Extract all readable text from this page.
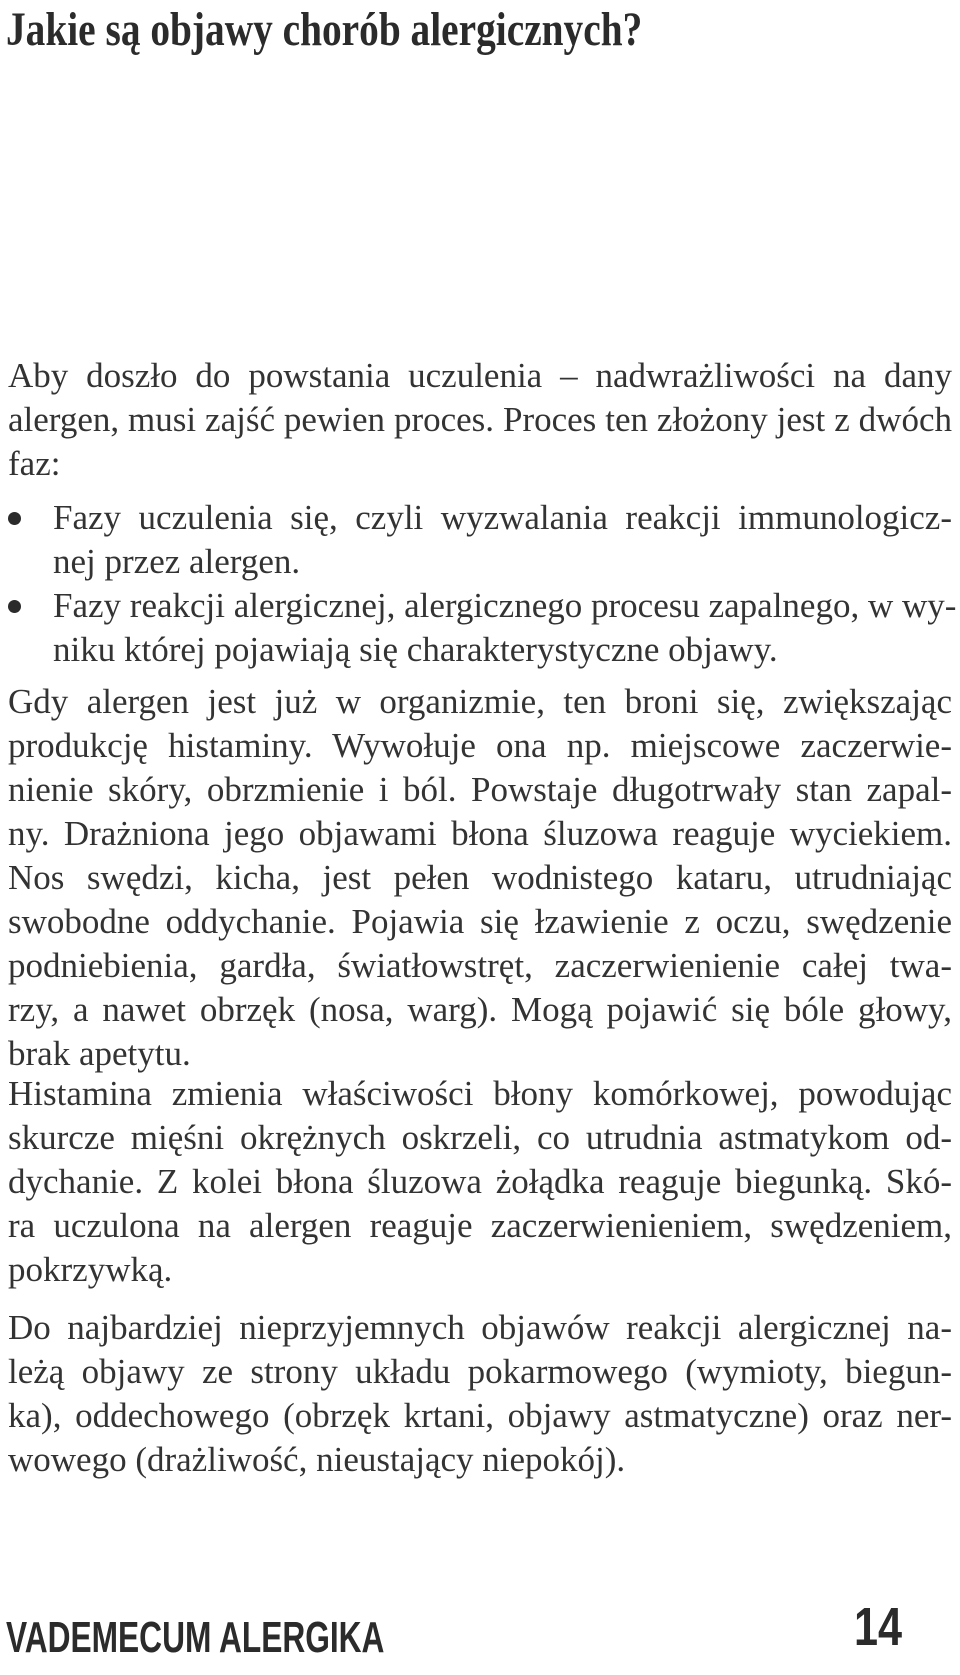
Jakie są objawy chorób alergicznych?
Aby doszło do powstania uczulenia – nadwrażliwości na dany
alergen, musi zajść pewien proces. Proces ten złożony jest z dwóch
faz:
Fazy uczulenia się, czyli wyzwalania reakcji immunologicz-
nej przez alergen.
Fazy reakcji alergicznej, alergicznego procesu zapalnego, w wy-
niku której pojawiają się charakterystyczne objawy.
Gdy alergen jest już w organizmie, ten broni się, zwiększając
produkcję histaminy. Wywołuje ona np. miejscowe zaczerwie-
nienie skóry, obrzmienie i ból. Powstaje długotrwały stan zapal-
ny. Drażniona jego objawami błona śluzowa reaguje wyciekiem.
Nos swędzi, kicha, jest pełen wodnistego kataru, utrudniając
swobodne oddychanie. Pojawia się łzawienie z oczu, swędzenie
podniebienia, gardła, światłowstręt, zaczerwienienie całej twa-
rzy, a nawet obrzęk (nosa, warg). Mogą pojawić się bóle głowy,
brak apetytu.
Histamina zmienia właściwości błony komórkowej, powodując
skurcze mięśni okrężnych oskrzeli, co utrudnia astmatykom od-
dychanie. Z kolei błona śluzowa żołądka reaguje biegunką. Skó-
ra uczulona na alergen reaguje zaczerwienieniem, swędzeniem,
pokrzywką.
Do najbardziej nieprzyjemnych objawów reakcji alergicznej na-
leżą objawy ze strony układu pokarmowego (wymioty, biegun-
ka), oddechowego (obrzęk krtani, objawy astmatyczne) oraz ner-
wowego (drażliwość, nieustający niepokój).
VADEMECUM ALERGIKA	14
